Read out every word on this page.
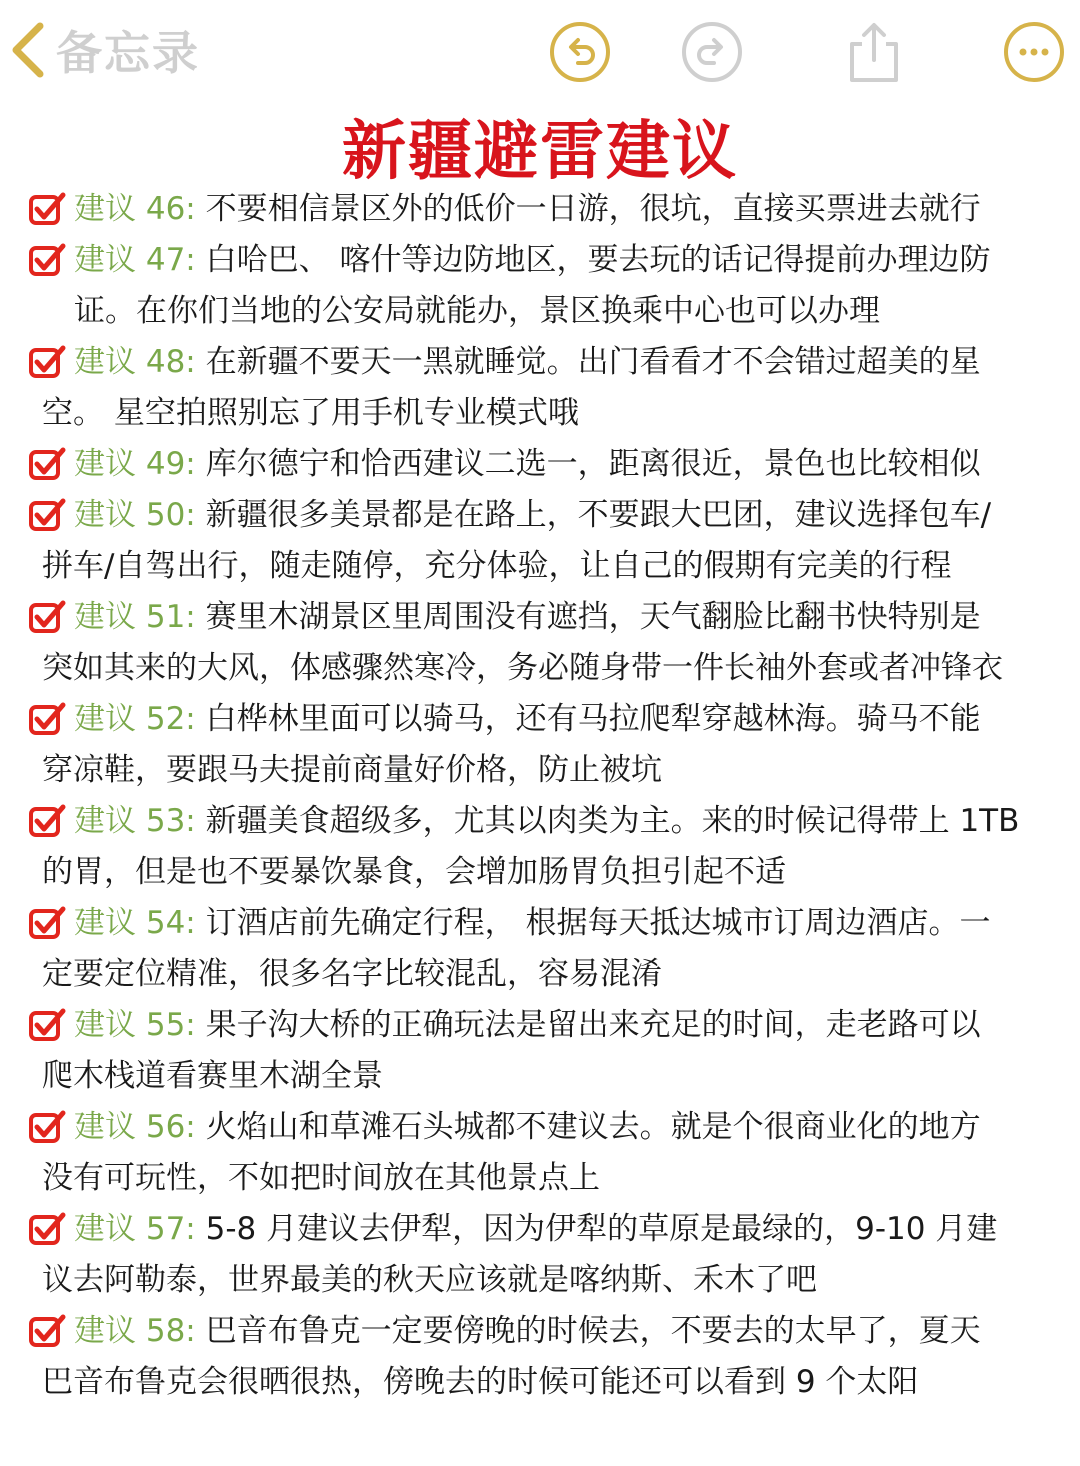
备忘录
新疆避雷建议

建议 46: 不要相信景区外的低价一日游，很坑，直接买票进去就行

建议 47: 白哈巴、 喀什等边防地区，要去玩的话记得提前办理边防
证。在你们当地的公安局就能办，景区换乘中心也可以办理

建议 48: 在新疆不要天一黑就睡觉。出门看看才不会错过超美的星
空。 星空拍照别忘了用手机专业模式哦

建议 49: 库尔德宁和恰西建议二选一，距离很近，景色也比较相似

建议 50: 新疆很多美景都是在路上，不要跟大巴团，建议选择包车/
拼车/自驾出行，随走随停，充分体验，让自己的假期有完美的行程

建议 51: 赛里木湖景区里周围没有遮挡，天气翻脸比翻书快特别是
突如其来的大风，体感骤然寒冷，务必随身带一件长袖外套或者冲锋衣

建议 52: 白桦林里面可以骑马，还有马拉爬犁穿越林海。骑马不能
穿凉鞋，要跟马夫提前商量好价格，防止被坑

建议 53: 新疆美食超级多，尤其以肉类为主。来的时候记得带上 1TB
的胃，但是也不要暴饮暴食，会增加肠胃负担引起不适

建议 54: 订酒店前先确定行程， 根据每天抵达城市订周边酒店。一
定要定位精准，很多名字比较混乱，容易混淆

建议 55: 果子沟大桥的正确玩法是留出来充足的时间，走老路可以
爬木栈道看赛里木湖全景

建议 56: 火焰山和草滩石头城都不建议去。就是个很商业化的地方
没有可玩性，不如把时间放在其他景点上

建议 57: 5-8 月建议去伊犁，因为伊犁的草原是最绿的，9-10 月建
议去阿勒泰，世界最美的秋天应该就是喀纳斯、禾木了吧

建议 58: 巴音布鲁克一定要傍晚的时候去，不要去的太早了，夏天
巴音布鲁克会很晒很热，傍晚去的时候可能还可以看到 9 个太阳
